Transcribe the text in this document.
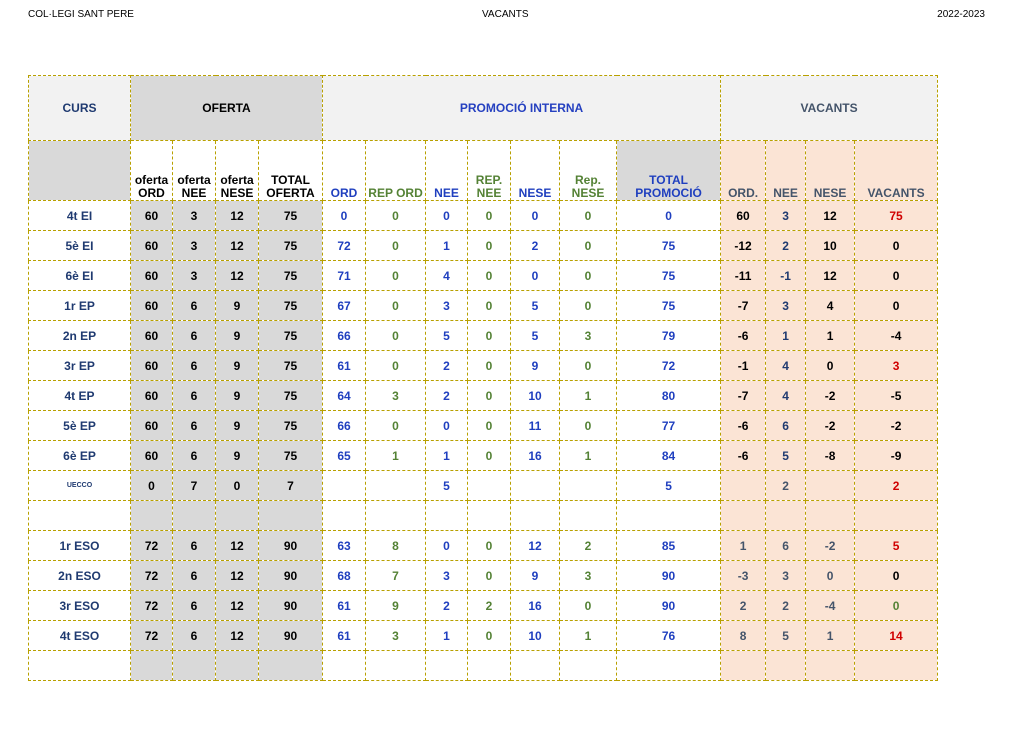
COL·LEGI SANT PERE	VACANTS	2022-2023
CURS	OFERTA				PROMOCIÓ INTERNA							VACANTS			
	oferta ORD	oferta NEE	oferta NESE	TOTAL OFERTA	ORD	REP ORD	NEE	REP. NEE	NESE	Rep. NESE	TOTAL PROMOCIÓ	ORD.	NEE	NESE	VACANTS
4t EI	60	3	12	75	0	0	0	0	0	0	0	60	3	12	75
5è EI	60	3	12	75	72	0	1	0	2	0	75	-12	2	10	0
6è EI	60	3	12	75	71	0	4	0	0	0	75	-11	-1	12	0
1r EP	60	6	9	75	67	0	3	0	5	0	75	-7	3	4	0
2n EP	60	6	9	75	66	0	5	0	5	3	79	-6	1	1	-4
3r EP	60	6	9	75	61	0	2	0	9	0	72	-1	4	0	3
4t EP	60	6	9	75	64	3	2	0	10	1	80	-7	4	-2	-5
5è EP	60	6	9	75	66	0	0	0	11	0	77	-6	6	-2	-2
6è EP	60	6	9	75	65	1	1	0	16	1	84	-6	5	-8	-9
UECCO	0	7	0	7			5				5		2		2

1r ESO	72	6	12	90	63	8	0	0	12	2	85	1	6	-2	5
2n ESO	72	6	12	90	68	7	3	0	9	3	90	-3	3	0	0
3r ESO	72	6	12	90	61	9	2	2	16	0	90	2	2	-4	0
4t ESO	72	6	12	90	61	3	1	0	10	1	76	8	5	1	14
